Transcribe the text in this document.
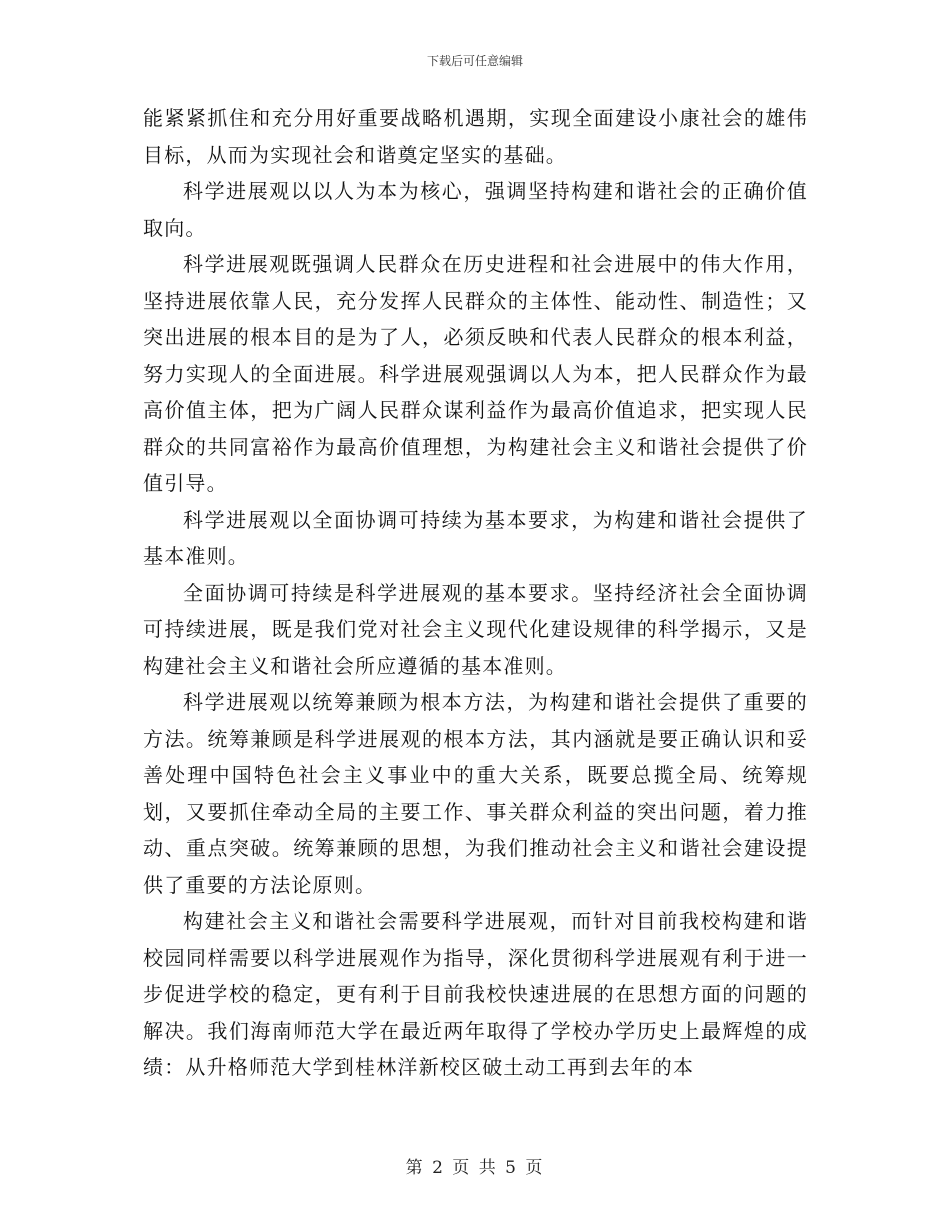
下载后可任意编辑

能紧紧抓住和充分用好重要战略机遇期，实现全面建设小康社会的雄伟目标，从而为实现社会和谐奠定坚实的基础。

科学进展观以以人为本为核心，强调坚持构建和谐社会的正确价值取向。

科学进展观既强调人民群众在历史进程和社会进展中的伟大作用，坚持进展依靠人民，充分发挥人民群众的主体性、能动性、制造性；又突出进展的根本目的是为了人，必须反映和代表人民群众的根本利益，努力实现人的全面进展。科学进展观强调以人为本，把人民群众作为最高价值主体，把为广阔人民群众谋利益作为最高价值追求，把实现人民群众的共同富裕作为最高价值理想，为构建社会主义和谐社会提供了价值引导。

科学进展观以全面协调可持续为基本要求，为构建和谐社会提供了基本准则。

全面协调可持续是科学进展观的基本要求。坚持经济社会全面协调可持续进展，既是我们党对社会主义现代化建设规律的科学揭示，又是构建社会主义和谐社会所应遵循的基本准则。

科学进展观以统筹兼顾为根本方法，为构建和谐社会提供了重要的方法。统筹兼顾是科学进展观的根本方法，其内涵就是要正确认识和妥善处理中国特色社会主义事业中的重大关系，既要总揽全局、统筹规划，又要抓住牵动全局的主要工作、事关群众利益的突出问题，着力推动、重点突破。统筹兼顾的思想，为我们推动社会主义和谐社会建设提供了重要的方法论原则。

构建社会主义和谐社会需要科学进展观，而针对目前我校构建和谐校园同样需要以科学进展观作为指导，深化贯彻科学进展观有利于进一步促进学校的稳定，更有利于目前我校快速进展的在思想方面的问题的解决。我们海南师范大学在最近两年取得了学校办学历史上最辉煌的成绩：从升格师范大学到桂林洋新校区破土动工再到去年的本

第 2 页 共 5 页
